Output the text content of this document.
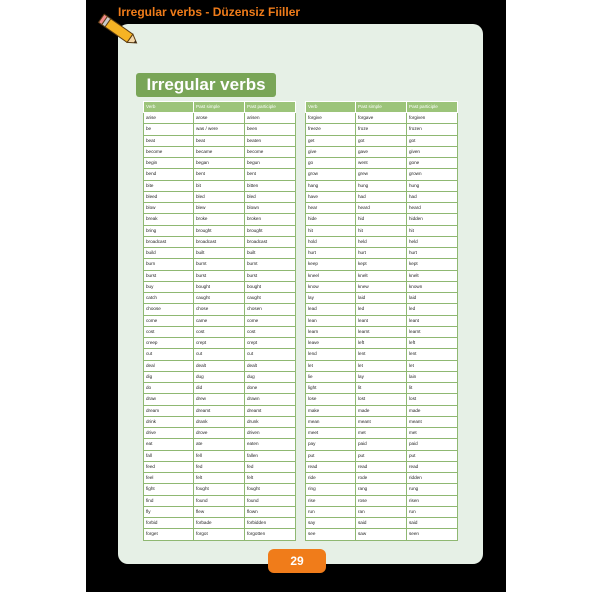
Irregular verbs - Düzensiz Fiiller
Irregular verbs
Verb	Past simple	Past participle
arise	arose	arisen
be	was / were	been
beat	beat	beaten
become	became	become
begin	began	begun
bend	bent	bent
bite	bit	bitten
bleed	bled	bled
blow	blew	blown
break	broke	broken
bring	brought	brought
broadcast	broadcast	broadcast
build	built	built
burn	burnt	burnt
burst	burst	burst
buy	bought	bought
catch	caught	caught
choose	chose	chosen
come	came	come
cost	cost	cost
creep	crept	crept
cut	cut	cut
deal	dealt	dealt
dig	dug	dug
do	did	done
draw	drew	drawn
dream	dreamt	dreamt
drink	drank	drunk
drive	drove	driven
eat	ate	eaten
fall	fell	fallen
feed	fed	fed
feel	felt	felt
fight	fought	fought
find	found	found
fly	flew	flown
forbid	forbade	forbidden
forget	forgot	forgotten
Verb	Past simple	Past participle
forgive	forgave	forgiven
freeze	froze	frozen
get	got	got
give	gave	given
go	went	gone
grow	grew	grown
hang	hung	hung
have	had	had
hear	heard	heard
hide	hid	hidden
hit	hit	hit
hold	held	held
hurt	hurt	hurt
keep	kept	kept
kneel	knelt	knelt
know	knew	known
lay	laid	laid
lead	led	led
lean	leant	leant
learn	learnt	learnt
leave	left	left
lend	lent	lent
let	let	let
lie	lay	lain
light	lit	lit
lose	lost	lost
make	made	made
mean	meant	meant
meet	met	met
pay	paid	paid
put	put	put
read	read	read
ride	rode	ridden
ring	rang	rung
rise	rose	risen
run	ran	run
say	said	said
see	saw	seen
29
